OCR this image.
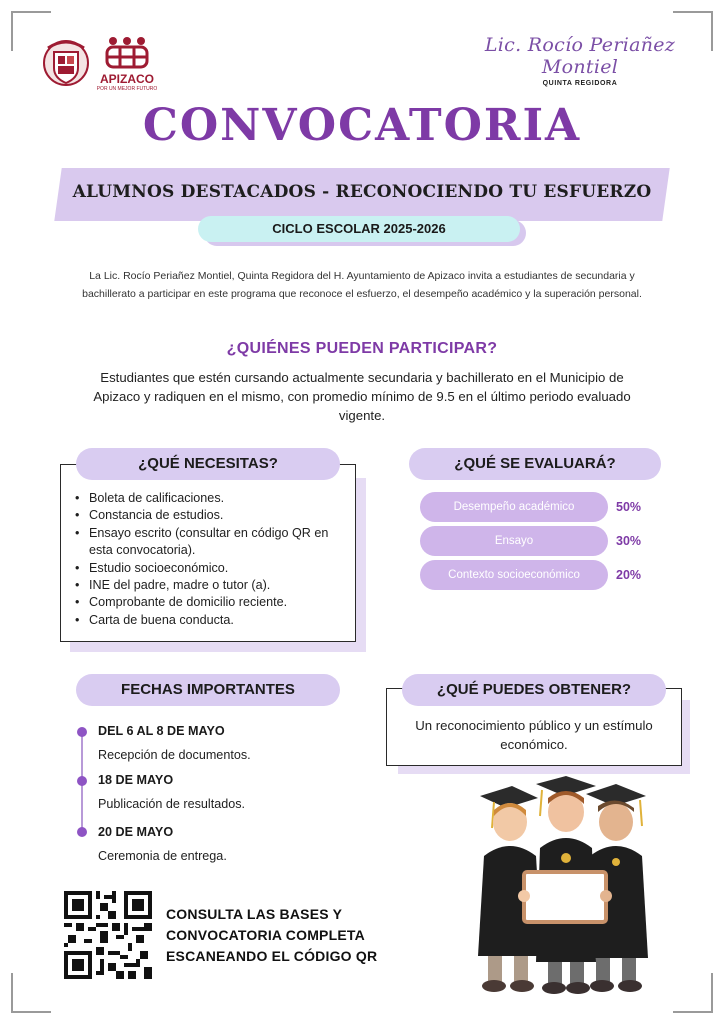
APIZACO
POR UN MEJOR FUTURO
Lic. Rocío Periañez Montiel
QUINTA REGIDORA
CONVOCATORIA
ALUMNOS DESTACADOS - RECONOCIENDO TU ESFUERZO
CICLO ESCOLAR 2025-2026
La Lic. Rocío Periañez Montiel, Quinta Regidora del H. Ayuntamiento de Apizaco invita a estudiantes de secundaria y bachillerato a participar en este programa que reconoce el esfuerzo, el desempeño académico y la superación personal.
¿QUIÉNES PUEDEN PARTICIPAR?
Estudiantes que estén cursando actualmente secundaria y bachillerato en el Municipio de Apizaco y radiquen en el mismo, con promedio mínimo de 9.5 en el último periodo evaluado vigente.
¿QUÉ NECESITAS?
• Boleta de calificaciones.
• Constancia de estudios.
• Ensayo escrito (consultar en código QR en esta convocatoria).
• Estudio socioeconómico.
• INE del padre, madre o tutor (a).
• Comprobante de domicilio reciente.
• Carta de buena conducta.
¿QUÉ SE EVALUARÁ?
Desempeño académico	50%
Ensayo	30%
Contexto socioeconómico	20%
FECHAS IMPORTANTES
DEL 6 AL 8 DE MAYO
Recepción de documentos.
18 DE MAYO
Publicación de resultados.
20 DE MAYO
Ceremonia de entrega.
¿QUÉ PUEDES OBTENER?
Un reconocimiento público y un estímulo económico.
CONSULTA LAS BASES Y
CONVOCATORIA COMPLETA
ESCANEANDO EL CÓDIGO QR
